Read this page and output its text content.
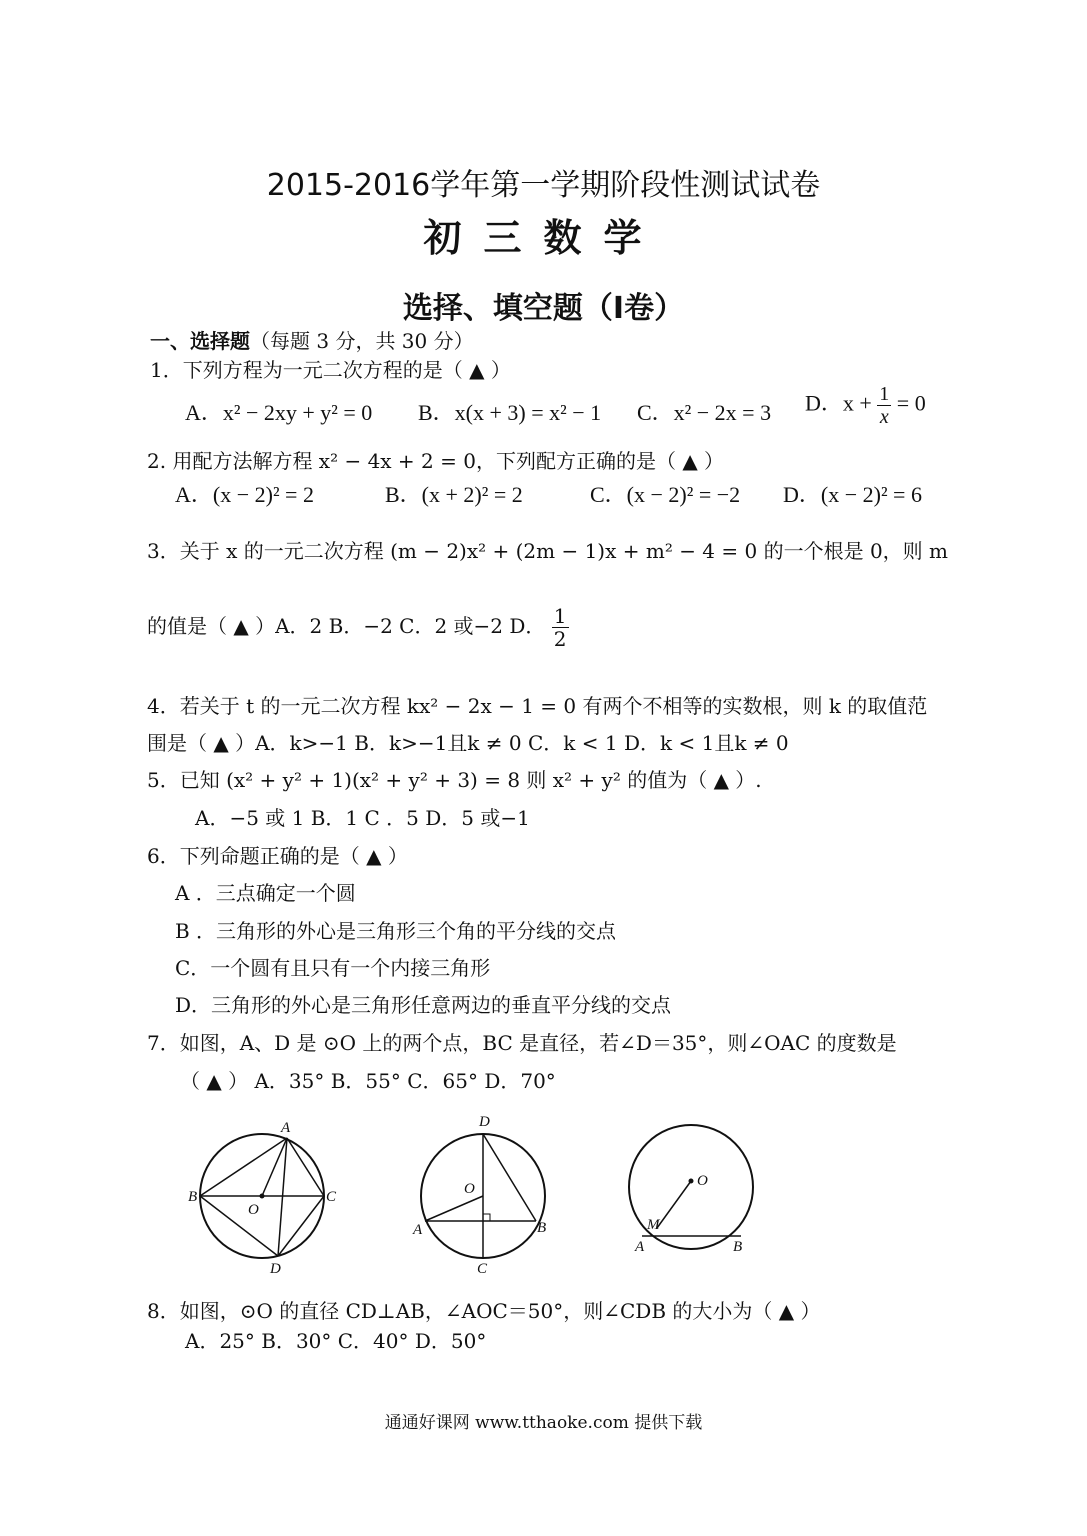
2015-2016学年第一学期阶段性测试试卷
初三数学
选择、填空题（Ⅰ卷）
一、选择题（每题 3 分，共 30 分）
1．下列方程为一元二次方程的是（ ▲ ）
A．x² − 2xy + y² = 0 B．x(x + 3) = x² − 1 C．x² − 2x = 3 D．$x + \frac{1}{x} = 0$
2. 用配方法解方程 x² − 4x + 2 = 0，下列配方正确的是（ ▲ ）
A．(x − 2)² = 2	B．(x + 2)² = 2	C．(x − 2)² = −2 D．(x − 2)² = 6
3．关于 x 的一元二次方程 (m − 2)x² + (2m − 1)x + m² − 4 = 0 的一个根是 0，则 m
的值是（ ▲ ）A．2 B．−2 C．2 或−2 D． $\frac{1}{2}$
4．若关于 t 的一元二次方程 kx² − 2x − 1 = 0 有两个不相等的实数根，则 k 的取值范
围是（ ▲ ）A．k>−1 B．k>−1且k ≠ 0 C．k < 1 D．k < 1且k ≠ 0
5．已知 (x² + y² + 1)(x² + y² + 3) = 8 则 x² + y² 的值为（ ▲ ）.
A．−5 或 1 B．1 C ．5 D．5 或−1
6．下列命题正确的是（ ▲ ）
A ．三点确定一个圆
B ．三角形的外心是三角形三个角的平分线的交点
C．一个圆有且只有一个内接三角形
D．三角形的外心是三角形任意两边的垂直平分线的交点
7．如图，A、D 是 ⊙O 上的两个点，BC 是直径，若∠D＝35°，则∠OAC 的度数是
（ ▲ ） A．35° B．55° C．65° D．70°
A
B	C
D
O
D
O
A	B
C
O
M
A	B
8．如图，⊙O 的直径 CD⊥AB，∠AOC＝50°，则∠CDB 的大小为（ ▲ ）
A．25° B．30° C．40° D．50°
通通好课网 www.tthaoke.com 提供下载
